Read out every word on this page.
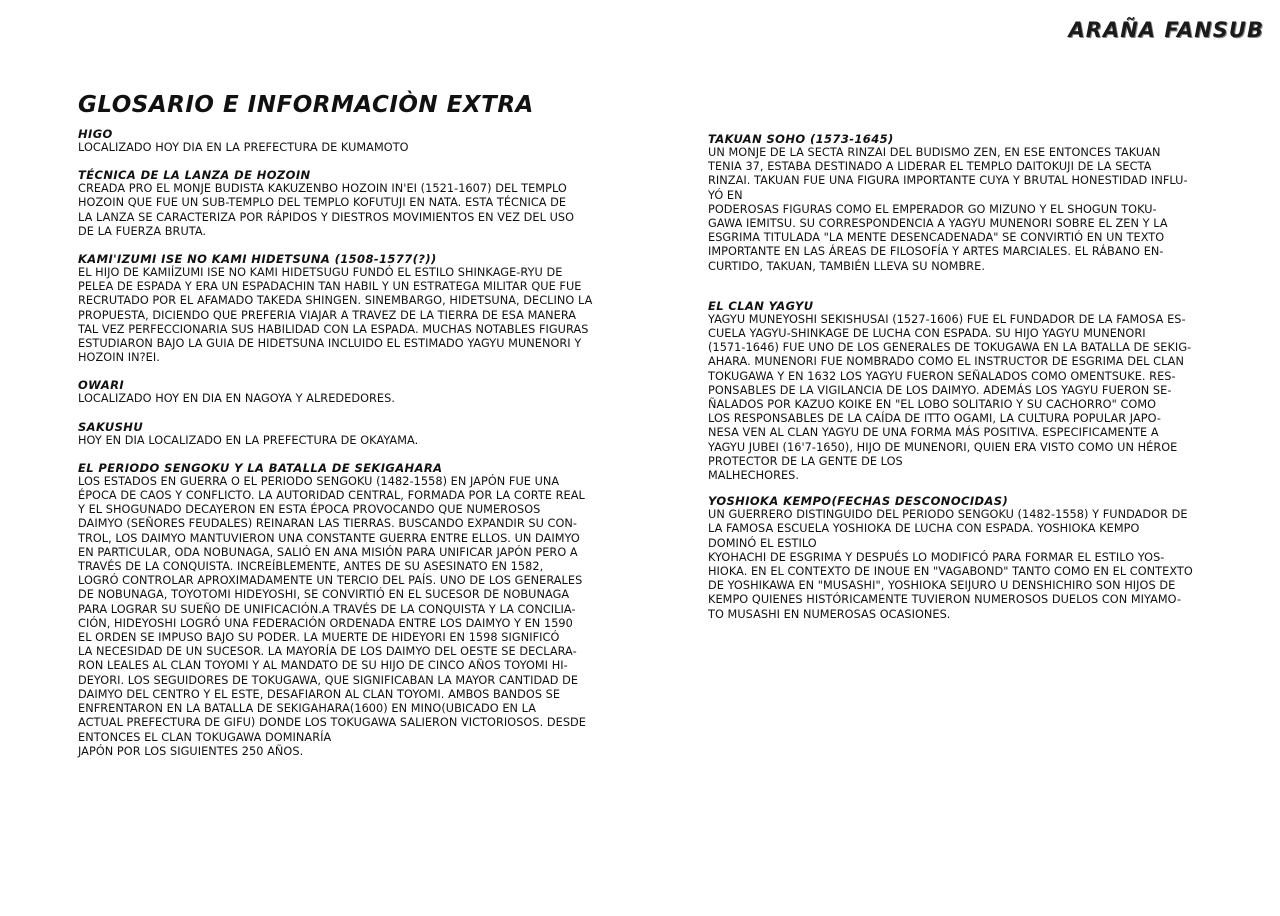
ARAÑA FANSUB
GLOSARIO E INFORMACIÒN EXTRA
HIGO

LOCALIZADO HOY DIA EN LA PREFECTURA DE KUMAMOTO

TÉCNICA DE LA LANZA DE HOZOIN

CREADA PRO EL MONJE BUDISTA KAKUZENBO HOZOIN IN'EI (1521-1607) DEL TEMPLO
HOZOIN QUE FUE UN SUB-TEMPLO DEL TEMPLO KOFUTUJI EN NATA. ESTA TÉCNICA DE
LA LANZA SE CARACTERIZA POR RÁPIDOS Y DIESTROS MOVIMIENTOS EN VEZ DEL USO
DE LA FUERZA BRUTA.

KAMI'IZUMI ISE NO KAMI HIDETSUNA (1508-1577(?))

EL HIJO DE KAMIÍZUMI ISE NO KAMI HIDETSUGU FUNDÓ EL ESTILO SHINKAGE-RYU DE
PELEA DE ESPADA Y ERA UN ESPADACHIN TAN HABIL Y UN ESTRATEGA MILITAR QUE FUE
RECRUTADO POR EL AFAMADO TAKEDA SHINGEN. SINEMBARGO, HIDETSUNA, DECLINO LA
PROPUESTA, DICIENDO QUE PREFERIA VIAJAR A TRAVEZ DE LA TIERRA DE ESA MANERA
TAL VEZ PERFECCIONARIA SUS HABILIDAD CON LA ESPADA. MUCHAS NOTABLES FIGURAS
ESTUDIARON BAJO LA GUIA DE HIDETSUNA INCLUIDO EL ESTIMADO YAGYU MUNENORI Y
HOZOIN IN?EI.

OWARI

LOCALIZADO HOY EN DIA EN NAGOYA Y ALREDEDORES.

SAKUSHU

HOY EN DIA LOCALIZADO EN LA PREFECTURA DE OKAYAMA.

EL PERIODO SENGOKU Y LA BATALLA DE SEKIGAHARA

LOS ESTADOS EN GUERRA O EL PERIODO SENGOKU (1482-1558) EN JAPÓN FUE UNA
ÉPOCA DE CAOS Y CONFLICTO. LA AUTORIDAD CENTRAL, FORMADA POR LA CORTE REAL
Y EL SHOGUNADO DECAYERON EN ESTA ÉPOCA PROVOCANDO QUE NUMEROSOS
DAIMYO (SEÑORES FEUDALES) REINARAN LAS TIERRAS. BUSCANDO EXPANDIR SU CON-
TROL, LOS DAIMYO MANTUVIERON UNA CONSTANTE GUERRA ENTRE ELLOS. UN DAIMYO
EN PARTICULAR, ODA NOBUNAGA, SALIÓ EN ANA MISIÓN PARA UNIFICAR JAPÓN PERO A
TRAVÉS DE LA CONQUISTA. INCREÍBLEMENTE, ANTES DE SU ASESINATO EN 1582,
LOGRÓ CONTROLAR APROXIMADAMENTE UN TERCIO DEL PAÍS. UNO DE LOS GENERALES
DE NOBUNAGA, TOYOTOMI HIDEYOSHI, SE CONVIRTIÓ EN EL SUCESOR DE NOBUNAGA
PARA LOGRAR SU SUEÑO DE UNIFICACIÓN.A TRAVÉS DE LA CONQUISTA Y LA CONCILIA-
CIÓN, HIDEYOSHI LOGRÓ UNA FEDERACIÓN ORDENADA ENTRE LOS DAIMYO Y EN 1590
EL ORDEN SE IMPUSO BAJO SU PODER. LA MUERTE DE HIDEYORI EN 1598 SIGNIFICÓ
LA NECESIDAD DE UN SUCESOR. LA MAYORÍA DE LOS DAIMYO DEL OESTE SE DECLARA-
RON LEALES AL CLAN TOYOMI Y AL MANDATO DE SU HIJO DE CINCO AÑOS TOYOMI HI-
DEYORI. LOS SEGUIDORES DE TOKUGAWA, QUE SIGNIFICABAN LA MAYOR CANTIDAD DE
DAIMYO DEL CENTRO Y EL ESTE, DESAFIARON AL CLAN TOYOMI. AMBOS BANDOS SE
ENFRENTARON EN LA BATALLA DE SEKIGAHARA(1600) EN MINO(UBICADO EN LA
ACTUAL PREFECTURA DE GIFU) DONDE LOS TOKUGAWA SALIERON VICTORIOSOS. DESDE
ENTONCES EL CLAN TOKUGAWA DOMINARÍA
JAPÓN POR LOS SIGUIENTES 250 AÑOS.

TAKUAN SOHO (1573-1645)

UN MONJE DE LA SECTA RINZAI DEL BUDISMO ZEN, EN ESE ENTONCES TAKUAN
TENIA 37, ESTABA DESTINADO A LIDERAR EL TEMPLO DAITOKUJI DE LA SECTA
RINZAI. TAKUAN FUE UNA FIGURA IMPORTANTE CUYA Y BRUTAL HONESTIDAD INFLU-
YÓ EN
PODEROSAS FIGURAS COMO EL EMPERADOR GO MIZUNO Y EL SHOGUN TOKU-
GAWA IEMITSU. SU CORRESPONDENCIA A YAGYU MUNENORI SOBRE EL ZEN Y LA
ESGRIMA TITULADA "LA MENTE DESENCADENADA" SE CONVIRTIÓ EN UN TEXTO
IMPORTANTE EN LAS ÁREAS DE FILOSOFÍA Y ARTES MARCIALES. EL RÁBANO EN-
CURTIDO, TAKUAN, TAMBIÉN LLEVA SU NOMBRE.

EL CLAN YAGYU

YAGYU MUNEYOSHI SEKISHUSAI (1527-1606) FUE EL FUNDADOR DE LA FAMOSA ES-
CUELA YAGYU-SHINKAGE DE LUCHA CON ESPADA. SU HIJO YAGYU MUNENORI
(1571-1646) FUE UNO DE LOS GENERALES DE TOKUGAWA EN LA BATALLA DE SEKIG-
AHARA. MUNENORI FUE NOMBRADO COMO EL INSTRUCTOR DE ESGRIMA DEL CLAN
TOKUGAWA Y EN 1632 LOS YAGYU FUERON SEÑALADOS COMO OMENTSUKE. RES-
PONSABLES DE LA VIGILANCIA DE LOS DAIMYO. ADEMÁS LOS YAGYU FUERON SE-
ÑALADOS POR KAZUO KOIKE EN "EL LOBO SOLITARIO Y SU CACHORRO" COMO
LOS RESPONSABLES DE LA CAÍDA DE ITTO OGAMI, LA CULTURA POPULAR JAPO-
NESA VEN AL CLAN YAGYU DE UNA FORMA MÁS POSITIVA. ESPECIFICAMENTE A
YAGYU JUBEI (16'7-1650), HIJO DE MUNENORI, QUIEN ERA VISTO COMO UN HÉROE
PROTECTOR DE LA GENTE DE LOS
MALHECHORES.

YOSHIOKA KEMPO(FECHAS DESCONOCIDAS)

UN GUERRERO DISTINGUIDO DEL PERIODO SENGOKU (1482-1558) Y FUNDADOR DE
LA FAMOSA ESCUELA YOSHIOKA DE LUCHA CON ESPADA. YOSHIOKA KEMPO
DOMINÓ EL ESTILO
KYOHACHI DE ESGRIMA Y DESPUÉS LO MODIFICÓ PARA FORMAR EL ESTILO YOS-
HIOKA. EN EL CONTEXTO DE INOUE EN "VAGABOND" TANTO COMO EN EL CONTEXTO
DE YOSHIKAWA EN "MUSASHI", YOSHIOKA SEIJURO U DENSHICHIRO SON HIJOS DE
KEMPO QUIENES HISTÓRICAMENTE TUVIERON NUMEROSOS DUELOS CON MIYAMO-
TO MUSASHI EN NUMEROSAS OCASIONES.
